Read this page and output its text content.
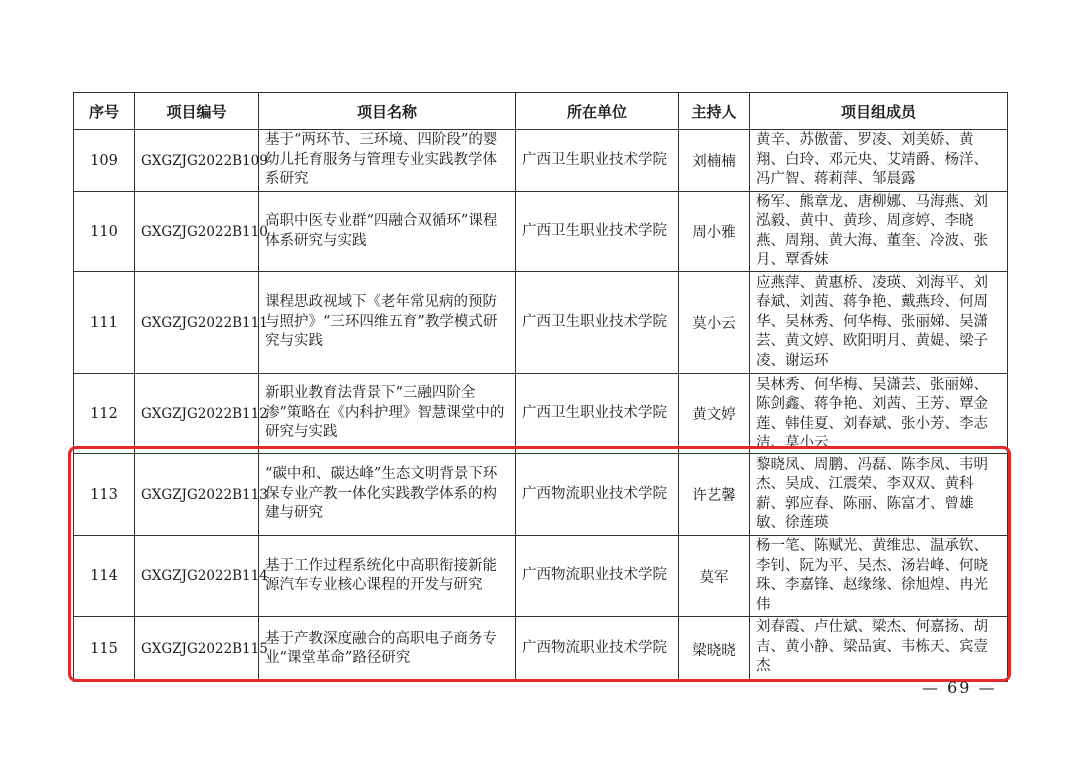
序号	项目编号	项目名称	所在单位	主持人	项目组成员
109	GXGZJG2022B109	基于“两环节、三环境、四阶段”的婴幼儿托育服务与管理专业实践教学体系研究	广西卫生职业技术学院	刘楠楠	黄辛、苏傲蕾、罗凌、刘美娇、黄翔、白玲、邓元央、艾靖爵、杨洋、冯广智、蒋莉萍、邹晨露

110	GXGZJG2022B110	高职中医专业群“四融合双循环”课程体系研究与实践	广西卫生职业技术学院	周小雅	杨军、熊章龙、唐柳娜、马海燕、刘泓毅、黄中、黄珍、周彦婷、李晓燕、周翔、黄大海、董奎、冷波、张月、覃香妹

111	GXGZJG2022B111	课程思政视域下《老年常见病的预防与照护》“三环四维五育”教学模式研究与实践	广西卫生职业技术学院	莫小云	应燕萍、黄惠桥、凌瑛、刘海平、刘春斌、刘茜、蒋争艳、戴燕玲、何周华、吴林秀、何华梅、张丽娣、吴潇芸、黄文婷、欧阳明月、黄媞、梁子凌、谢运环

112	GXGZJG2022B112	新职业教育法背景下“三融四阶全渗”策略在《内科护理》智慧课堂中的研究与实践	广西卫生职业技术学院	黄文婷	吴林秀、何华梅、吴潇芸、张丽娣、陈剑鑫、蒋争艳、刘茜、王芳、覃金莲、韩佳夏、刘春斌、张小芳、李志洁、莫小云

113	GXGZJG2022B113	“碳中和、碳达峰”生态文明背景下环保专业产教一体化实践教学体系的构建与研究	广西物流职业技术学院	许艺馨	黎晓凤、周鹏、冯磊、陈李凤、韦明杰、吴成、江震荣、李双双、黄科薪、郭应春、陈丽、陈富才、曾雄敏、徐莲瑛

114	GXGZJG2022B114	基于工作过程系统化中高职衔接新能源汽车专业核心课程的开发与研究	广西物流职业技术学院	莫军	杨一笔、陈赋光、黄维忠、温承钦、李钊、阮为平、吴杰、汤岩峰、何晓珠、李嘉锋、赵缘缘、徐旭煌、冉光伟

115	GXGZJG2022B115	基于产教深度融合的高职电子商务专业“课堂革命”路径研究	广西物流职业技术学院	梁晓晓	刘春霞、卢仕斌、梁杰、何嘉扬、胡吉、黄小静、梁品寅、韦栋天、宾壹杰
— 69 —
